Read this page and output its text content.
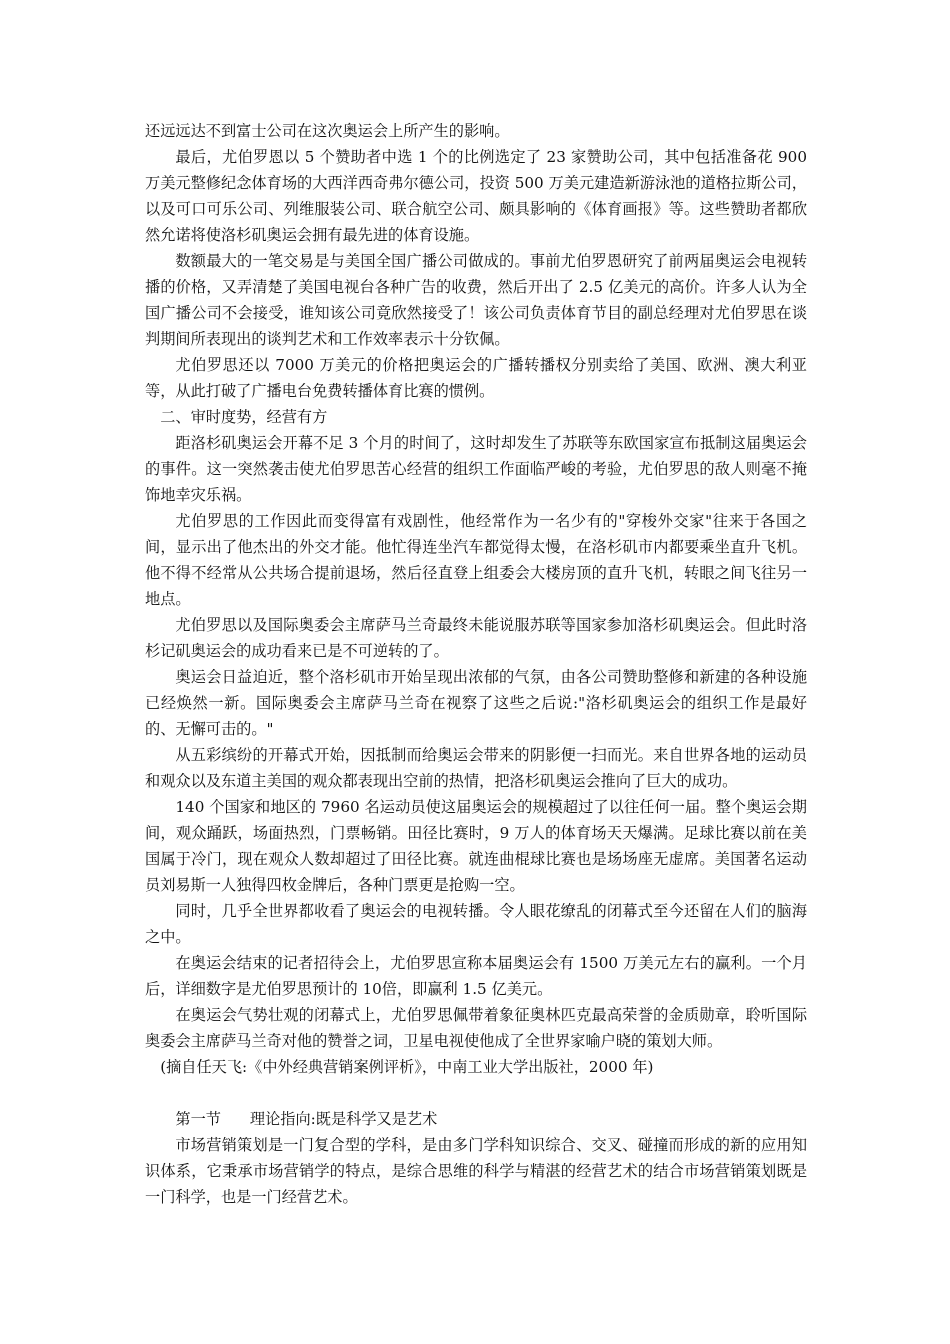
还远远达不到富士公司在这次奥运会上所产生的影响。

最后，尤伯罗恩以 5 个赞助者中选 1 个的比例选定了 23 家赞助公司，其中包括准备花 900 万美元整修纪念体育场的大西洋西奇弗尔德公司，投资 500 万美元建造新游泳池的道格拉斯公司，以及可口可乐公司、列维服装公司、联合航空公司、颇具影响的《体育画报》等。这些赞助者都欣然允诺将使洛杉矶奥运会拥有最先进的体育设施。

数额最大的一笔交易是与美国全国广播公司做成的。事前尤伯罗恩研究了前两届奥运会电视转播的价格，又弄清楚了美国电视台各种广告的收费，然后开出了 2.5 亿美元的高价。许多人认为全国广播公司不会接受，谁知该公司竟欣然接受了！该公司负责体育节目的副总经理对尤伯罗思在谈判期间所表现出的谈判艺术和工作效率表示十分钦佩。

尤伯罗思还以 7000 万美元的价格把奥运会的广播转播权分别卖给了美国、欧洲、澳大利亚等，从此打破了广播电台免费转播体育比赛的惯例。

二、审时度势，经营有方

距洛杉矶奥运会开幕不足 3 个月的时间了，这时却发生了苏联等东欧国家宣布抵制这届奥运会的事件。这一突然袭击使尤伯罗思苦心经营的组织工作面临严峻的考验，尤伯罗思的敌人则毫不掩饰地幸灾乐祸。

尤伯罗思的工作因此而变得富有戏剧性，他经常作为一名少有的"穿梭外交家"往来于各国之间，显示出了他杰出的外交才能。他忙得连坐汽车都觉得太慢，在洛杉矶市内都要乘坐直升飞机。他不得不经常从公共场合提前退场，然后径直登上组委会大楼房顶的直升飞机，转眼之间飞往另一地点。

尤伯罗思以及国际奥委会主席萨马兰奇最终未能说服苏联等国家参加洛杉矶奥运会。但此时洛杉记矶奥运会的成功看来已是不可逆转的了。

奥运会日益迫近，整个洛杉矶市开始呈现出浓郁的气氛，由各公司赞助整修和新建的各种设施已经焕然一新。国际奥委会主席萨马兰奇在视察了这些之后说:"洛杉矶奥运会的组织工作是最好的、无懈可击的。"

从五彩缤纷的开幕式开始，因抵制而给奥运会带来的阴影便一扫而光。来自世界各地的运动员和观众以及东道主美国的观众都表现出空前的热情，把洛杉矶奥运会推向了巨大的成功。

140 个国家和地区的 7960 名运动员使这届奥运会的规模超过了以往任何一届。整个奥运会期间，观众踊跃，场面热烈，门票畅销。田径比赛时，9 万人的体育场天天爆满。足球比赛以前在美国属于冷门，现在观众人数却超过了田径比赛。就连曲棍球比赛也是场场座无虚席。美国著名运动员刘易斯一人独得四枚金牌后，各种门票更是抢购一空。

同时，几乎全世界都收看了奥运会的电视转播。令人眼花缭乱的闭幕式至今还留在人们的脑海之中。

在奥运会结束的记者招待会上，尤伯罗思宣称本届奥运会有 1500 万美元左右的赢利。一个月后，详细数字是尤伯罗思预计的 10倍，即赢利 1.5 亿美元。

在奥运会气势壮观的闭幕式上，尤伯罗思佩带着象征奥林匹克最高荣誉的金质勋章，聆听国际奥委会主席萨马兰奇对他的赞誉之词，卫星电视使他成了全世界家喻户晓的策划大师。

(摘自任天飞:《中外经典营销案例评析》，中南工业大学出版社，2000 年)

第一节      理论指向:既是科学又是艺术

市场营销策划是一门复合型的学科，是由多门学科知识综合、交叉、碰撞而形成的新的应用知识体系，它秉承市场营销学的特点，是综合思维的科学与精湛的经营艺术的结合市场营销策划既是一门科学，也是一门经营艺术。
